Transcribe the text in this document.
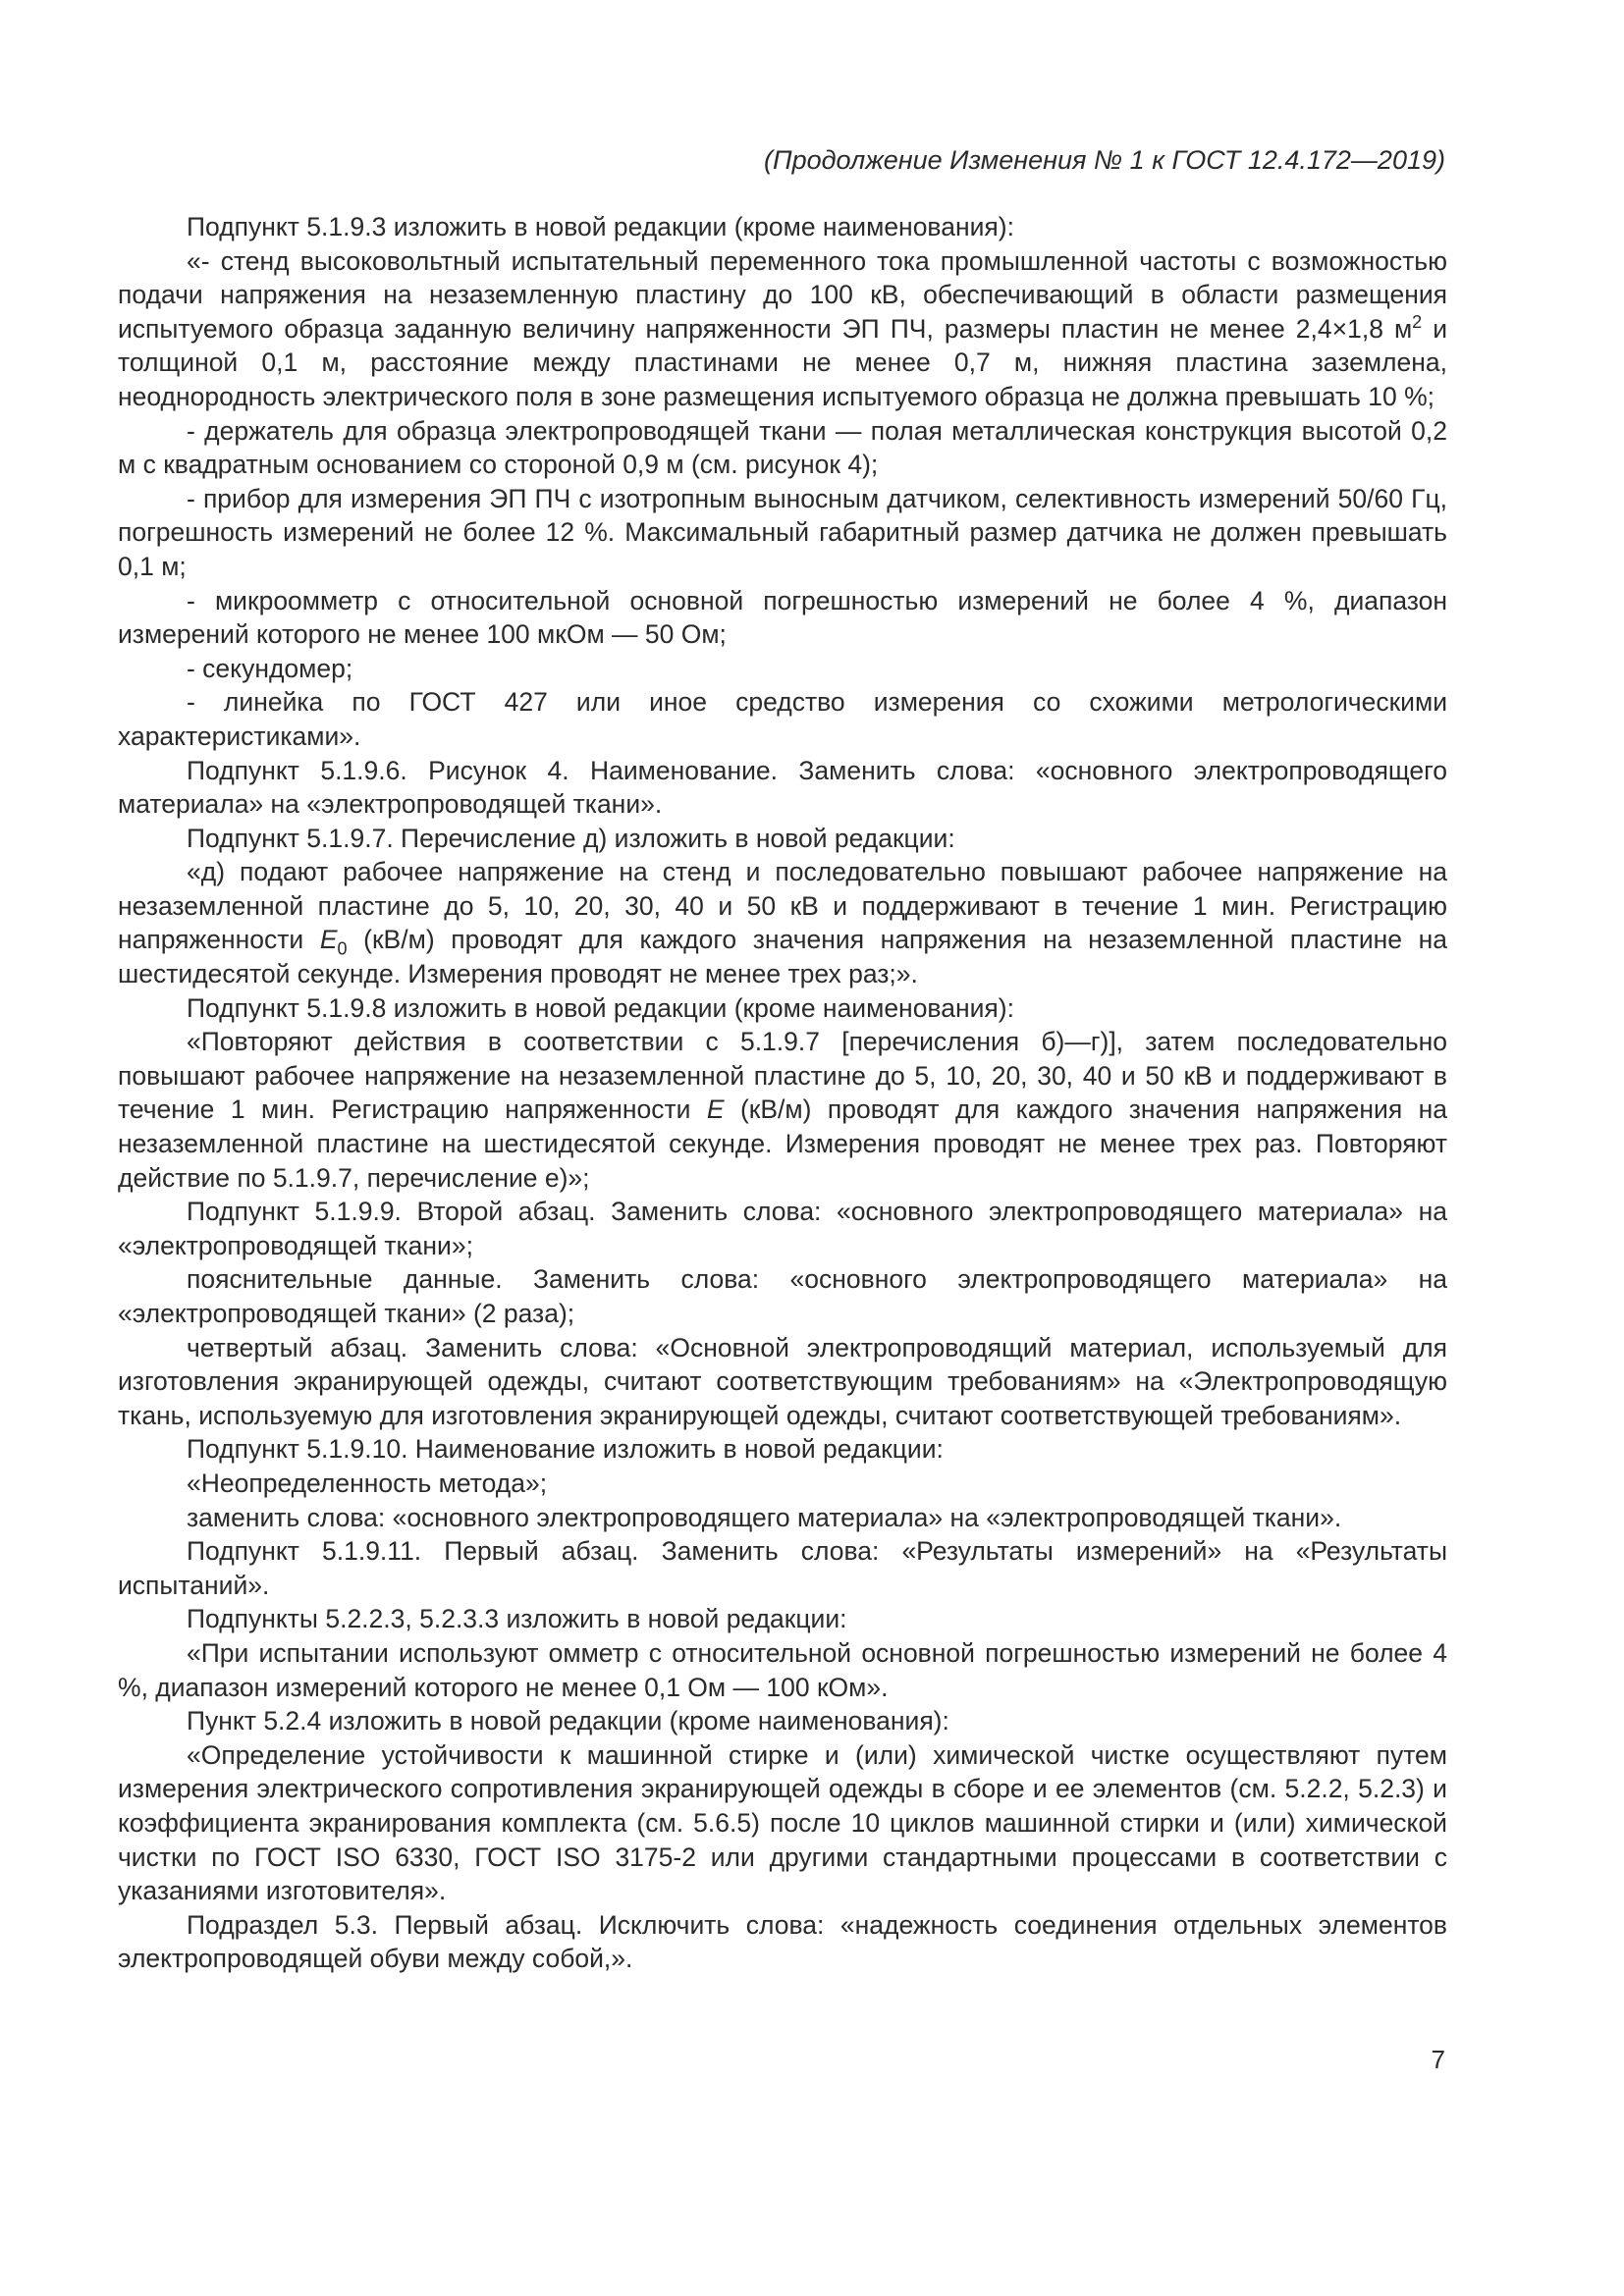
(Продолжение Изменения № 1 к ГОСТ 12.4.172—2019)

Подпункт 5.1.9.3 изложить в новой редакции (кроме наименования):

«- стенд высоковольтный испытательный переменного тока промышленной частоты с возможностью подачи напряжения на незаземленную пластину до 100 кВ, обеспечивающий в области размещения испытуемого образца заданную величину напряженности ЭП ПЧ, размеры пластин не менее 2,4×1,8 $м^2$ и толщиной 0,1 м, расстояние между пластинами не менее 0,7 м, нижняя пластина заземлена, неоднородность электрического поля в зоне размещения испытуемого образца не должна превышать 10 %;

- держатель для образца электропроводящей ткани — полая металлическая конструкция высотой 0,2 м с квадратным основанием со стороной 0,9 м (см. рисунок 4);

- прибор для измерения ЭП ПЧ с изотропным выносным датчиком, селективность измерений 50/60 Гц, погрешность измерений не более 12 %. Максимальный габаритный размер датчика не должен превышать 0,1 м;

- микроомметр с относительной основной погрешностью измерений не более 4 %, диапазон измерений которого не менее 100 мкОм — 50 Ом;

- секундомер;

- линейка по ГОСТ 427 или иное средство измерения со схожими метрологическими характеристиками».

Подпункт 5.1.9.6. Рисунок 4. Наименование. Заменить слова: «основного электропроводящего материала» на «электропроводящей ткани».

Подпункт 5.1.9.7. Перечисление д) изложить в новой редакции:

«д) подают рабочее напряжение на стенд и последовательно повышают рабочее напряжение на незаземленной пластине до 5, 10, 20, 30, 40 и 50 кВ и поддерживают в течение 1 мин. Регистрацию напряженности $E_0$ (кВ/м) проводят для каждого значения напряжения на незаземленной пластине на шестидесятой секунде. Измерения проводят не менее трех раз;».

Подпункт 5.1.9.8 изложить в новой редакции (кроме наименования):

«Повторяют действия в соответствии с 5.1.9.7 [перечисления б)—г)], затем последовательно повышают рабочее напряжение на незаземленной пластине до 5, 10, 20, 30, 40 и 50 кВ и поддерживают в течение 1 мин. Регистрацию напряженности E (кВ/м) проводят для каждого значения напряжения на незаземленной пластине на шестидесятой секунде. Измерения проводят не менее трех раз. Повторяют действие по 5.1.9.7, перечисление е)»;

Подпункт 5.1.9.9. Второй абзац. Заменить слова: «основного электропроводящего материала» на «электропроводящей ткани»;

пояснительные данные. Заменить слова: «основного электропроводящего материала» на «электропроводящей ткани» (2 раза);

четвертый абзац. Заменить слова: «Основной электропроводящий материал, используемый для изготовления экранирующей одежды, считают соответствующим требованиям» на «Электропроводящую ткань, используемую для изготовления экранирующей одежды, считают соответствующей требованиям».

Подпункт 5.1.9.10. Наименование изложить в новой редакции:

«Неопределенность метода»;

заменить слова: «основного электропроводящего материала» на «электропроводящей ткани».

Подпункт 5.1.9.11. Первый абзац. Заменить слова: «Результаты измерений» на «Результаты испытаний».

Подпункты 5.2.2.3, 5.2.3.3 изложить в новой редакции:

«При испытании используют омметр с относительной основной погрешностью измерений не более 4 %, диапазон измерений которого не менее 0,1 Ом — 100 кОм».

Пункт 5.2.4 изложить в новой редакции (кроме наименования):

«Определение устойчивости к машинной стирке и (или) химической чистке осуществляют путем измерения электрического сопротивления экранирующей одежды в сборе и ее элементов (см. 5.2.2, 5.2.3) и коэффициента экранирования комплекта (см. 5.6.5) после 10 циклов машинной стирки и (или) химической чистки по ГОСТ ISO 6330, ГОСТ ISO 3175-2 или другими стандартными процессами в соответствии с указаниями изготовителя».

Подраздел 5.3. Первый абзац. Исключить слова: «надежность соединения отдельных элементов электропроводящей обуви между собой,».

7
